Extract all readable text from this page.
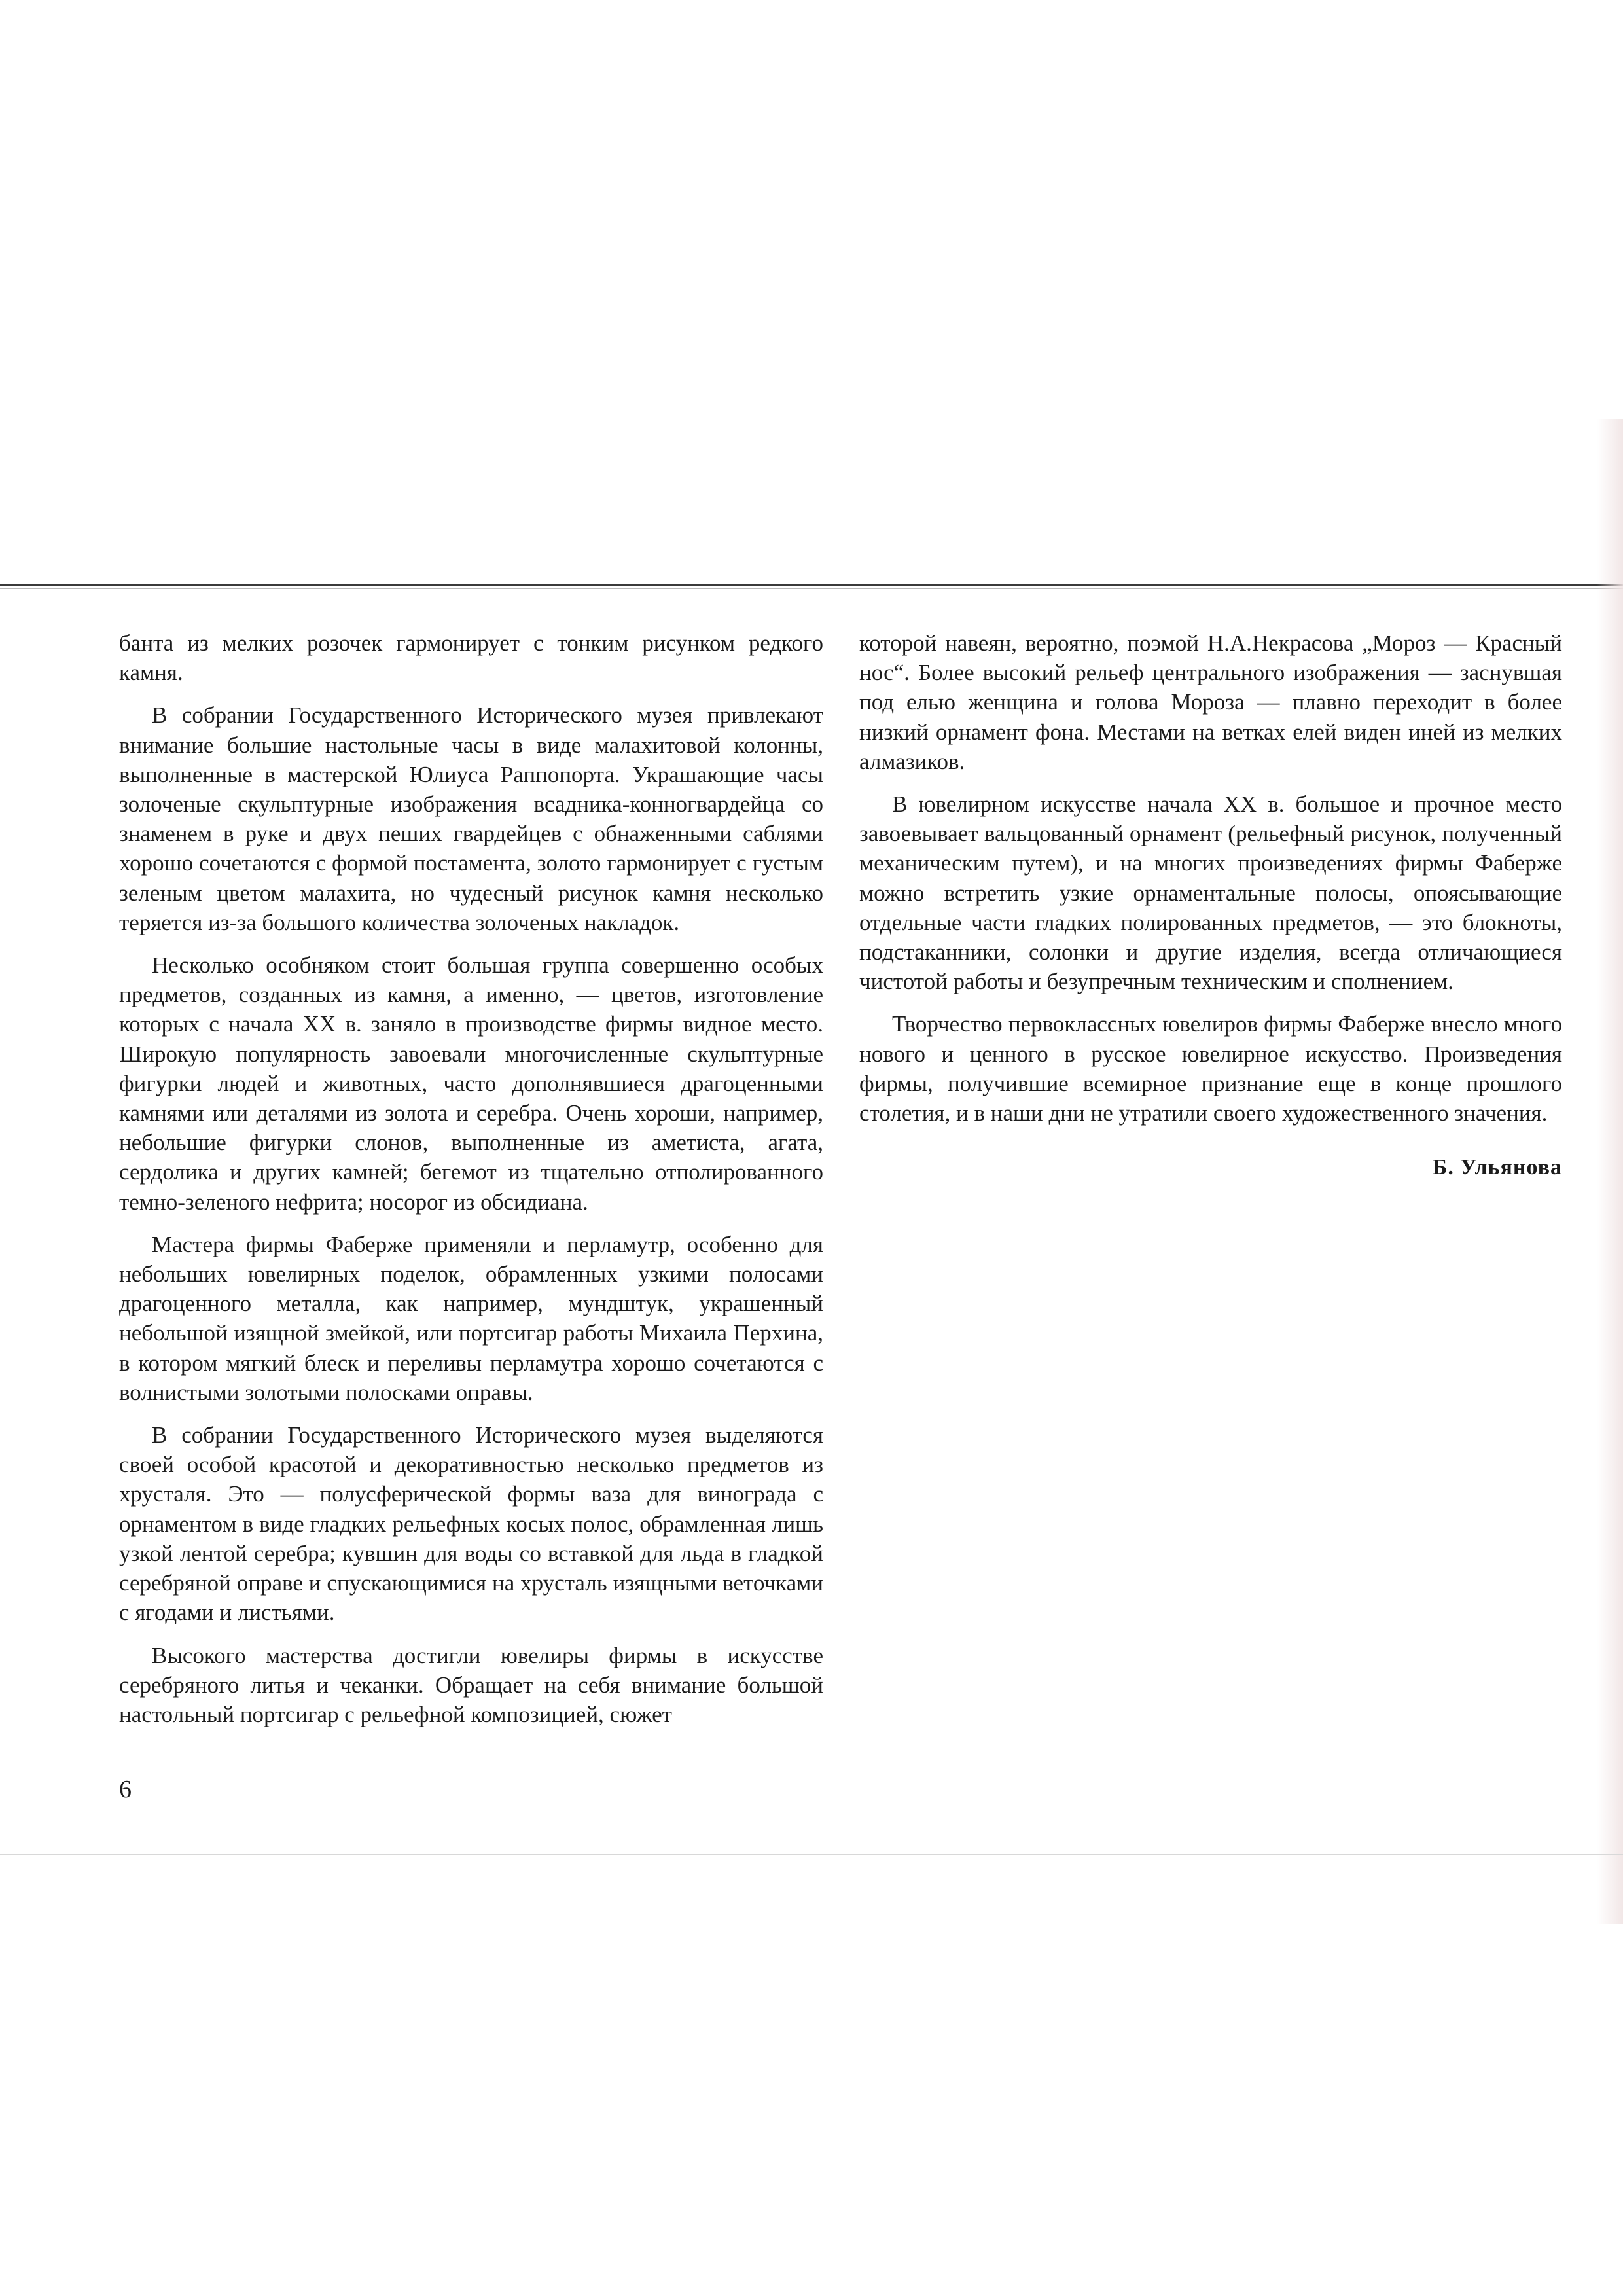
банта из мелких розочек гармонирует с тонким рисунком редкого камня.

В собрании Государственного Исторического музея привлекают внимание большие настольные часы в виде малахитовой колонны, выполненные в мастерской Юлиуса Раппопорта. Украшающие часы золоченые скульптурные изображения всадника-конногвардейца со знаменем в руке и двух пеших гвардейцев с обнаженными саблями хорошо сочетаются с формой постамента, золото гармонирует с густым зеленым цветом малахита, но чудесный рисунок камня несколько теряется из-за большого количества золоченых накладок.

Несколько особняком стоит большая группа совершенно особых предметов, созданных из камня, а именно, — цветов, изготовление которых с начала XX в. заняло в производстве фирмы видное место. Широкую популярность завоевали многочисленные скульптурные фигурки людей и животных, часто дополнявшиеся драгоценными камнями или деталями из золота и серебра. Очень хороши, например, небольшие фигурки слонов, выполненные из аметиста, агата, сердолика и других камней; бегемот из тщательно отполированного темно-зеленого нефрита; носорог из обсидиана.

Мастера фирмы Фаберже применяли и перламутр, особенно для небольших ювелирных поделок, обрамленных узкими полосами драгоценного металла, как например, мундштук, украшенный небольшой изящной змейкой, или портсигар работы Михаила Перхина, в котором мягкий блеск и переливы перламутра хорошо сочетаются с волнистыми золотыми полосками оправы.

В собрании Государственного Исторического музея выделяются своей особой красотой и декоративностью несколько предметов из хрусталя. Это — полусферической формы ваза для винограда с орнаментом в виде гладких рельефных косых полос, обрамленная лишь узкой лентой серебра; кувшин для воды со вставкой для льда в гладкой серебряной оправе и спускающимися на хрусталь изящными веточками с ягодами и листьями.

Высокого мастерства достигли ювелиры фирмы в искусстве серебряного литья и чеканки. Обращает на себя внимание большой настольный портсигар с рельефной композицией, сюжет

которой навеян, вероятно, поэмой Н.А.Некрасова „Мороз — Красный нос“. Более высокий рельеф центрального изображения — заснувшая под елью женщина и голова Мороза — плавно переходит в более низкий орнамент фона. Местами на ветках елей виден иней из мелких алмазиков.

В ювелирном искусстве начала XX в. большое и прочное место завоевывает вальцованный орнамент (рельефный рисунок, полученный механическим путем), и на многих произведениях фирмы Фаберже можно встретить узкие орнаментальные полосы, опоясывающие отдельные части гладких полированных предметов, — это блокноты, подстаканники, солонки и другие изделия, всегда отличающиеся чистотой работы и безупречным техническим и сполнением.

Творчество первоклассных ювелиров фирмы Фаберже внесло много нового и ценного в русское ювелирное искусство. Произведения фирмы, получившие всемирное признание еще в конце прошлого столетия, и в наши дни не утратили своего художественного значения.

Б. Ульянова
6
